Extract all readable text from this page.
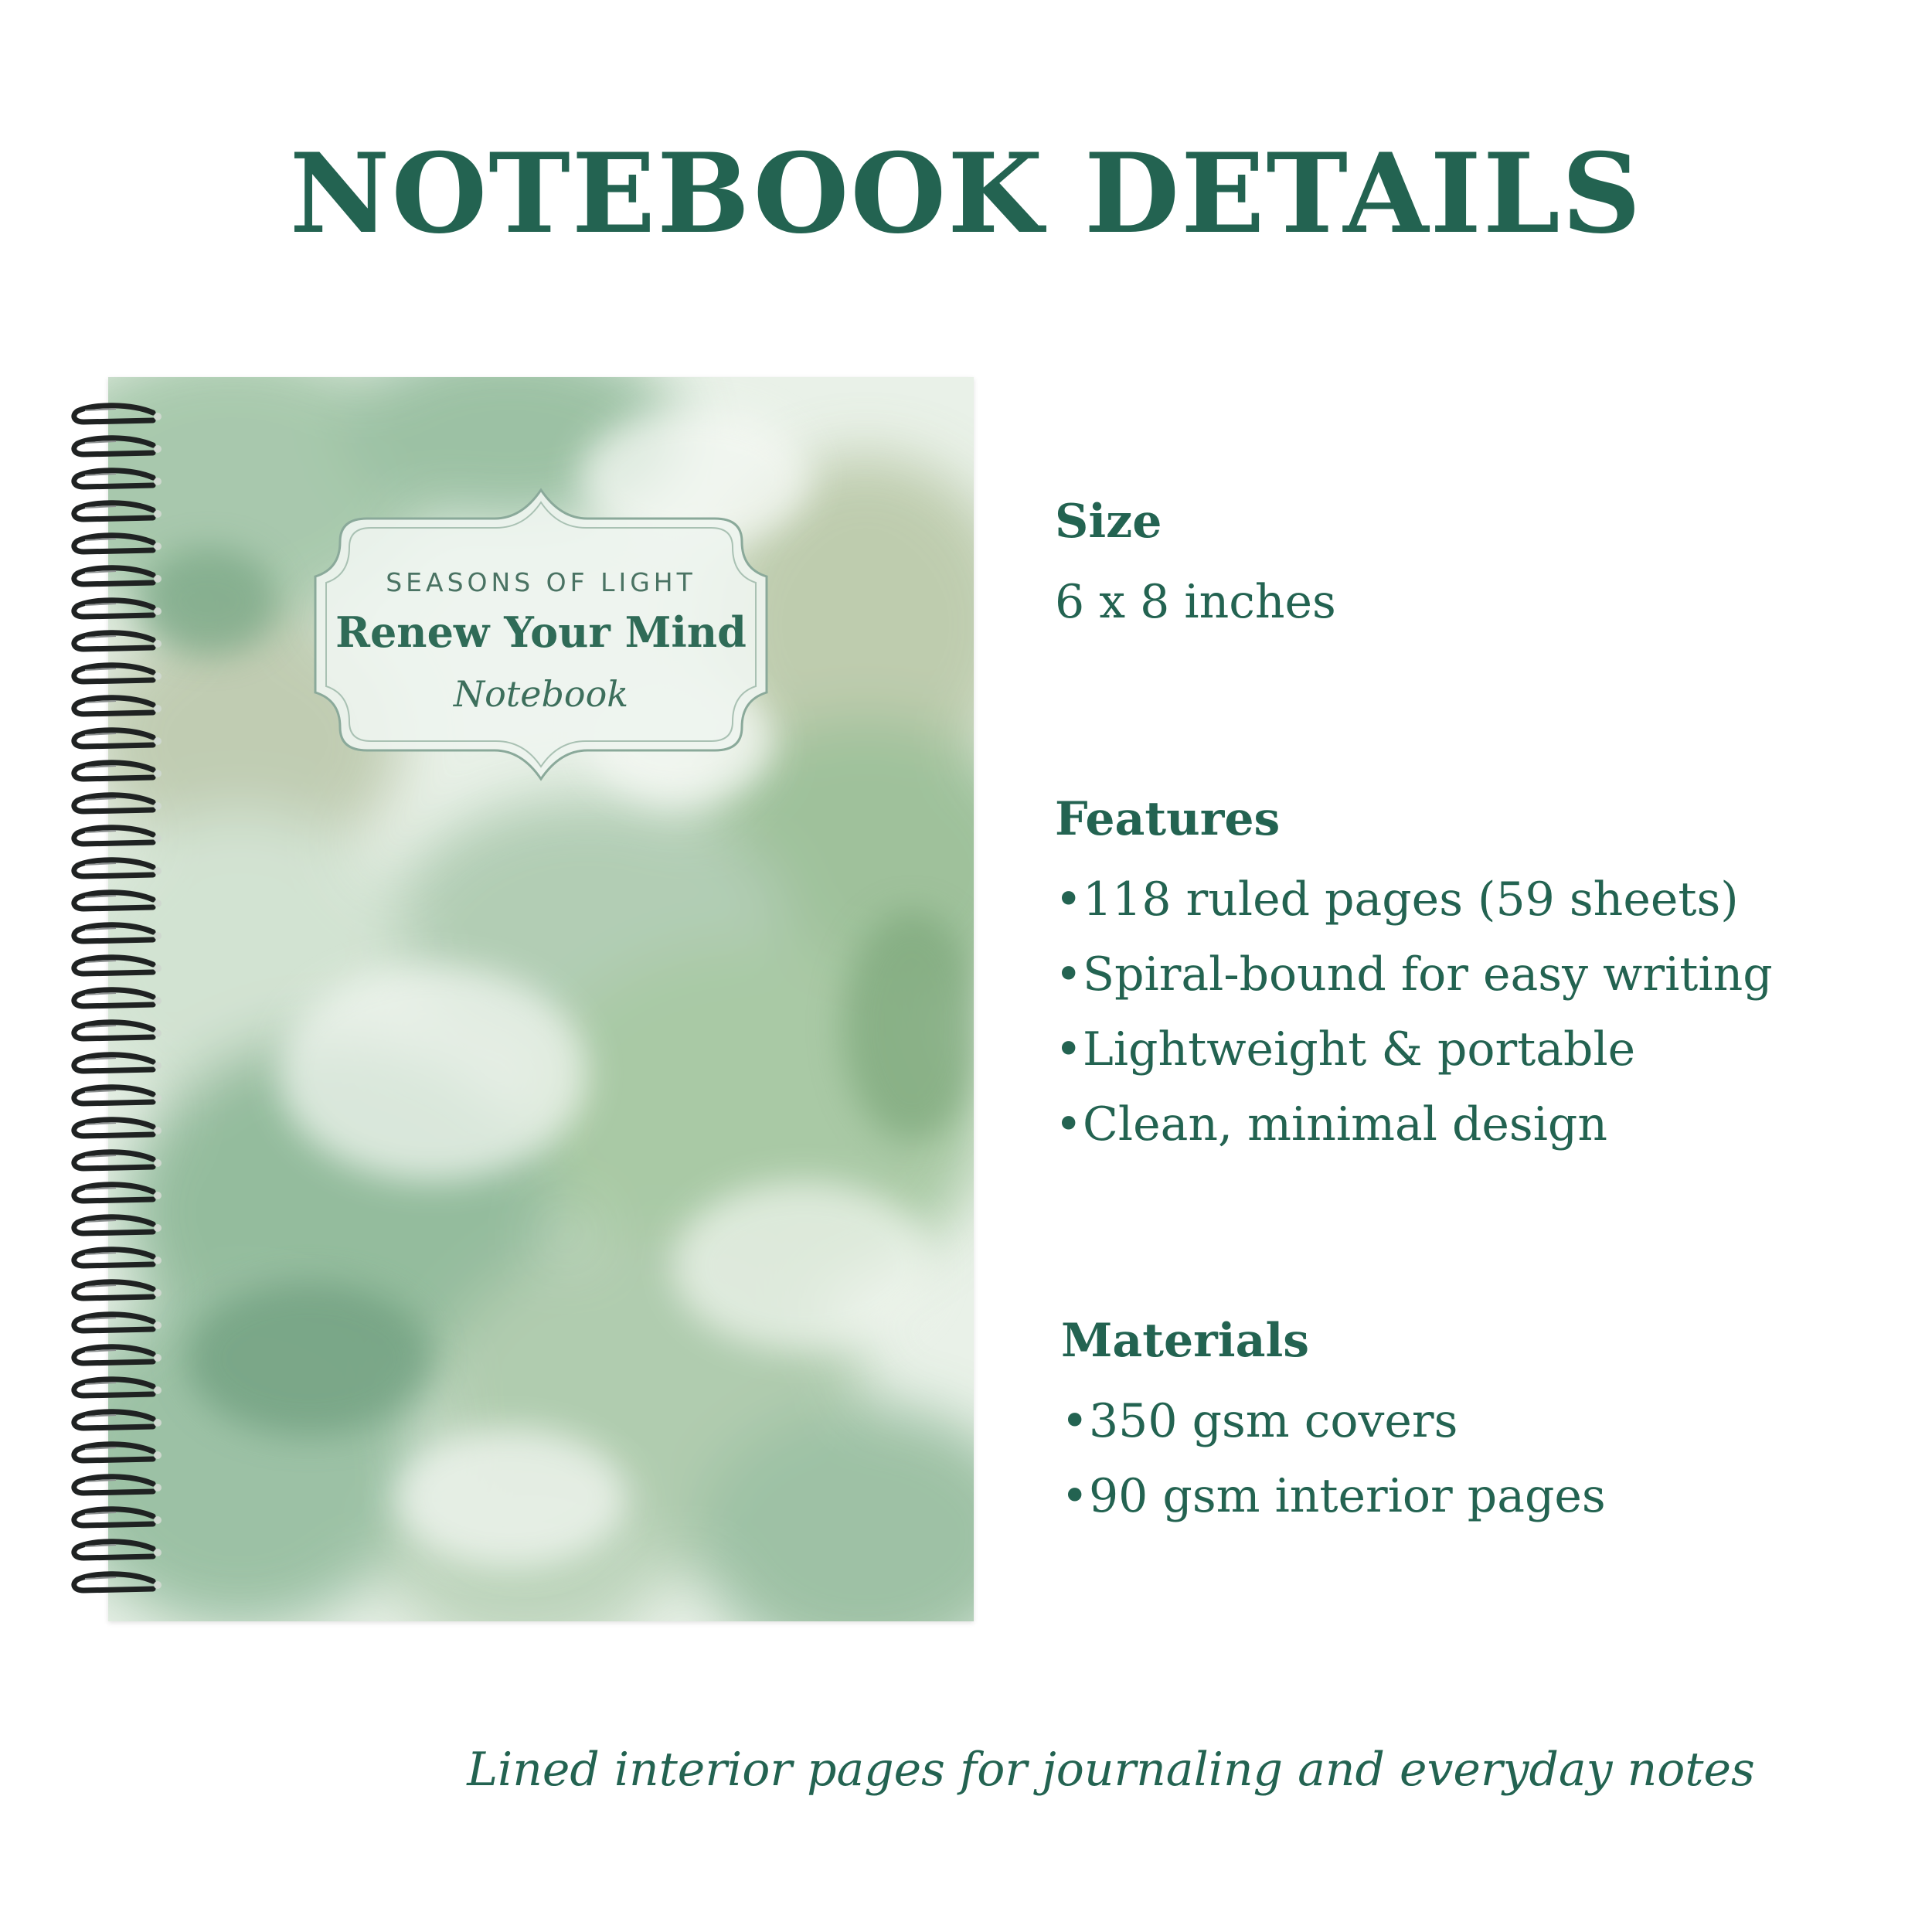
NOTEBOOK DETAILS

SEASONS OF LIGHT

Renew Your Mind

Notebook

Size

6 x 8 inches

Features

•118 ruled pages (59 sheets)

•Spiral-bound for easy writing

•Lightweight & portable

•Clean, minimal design

Materials

•350 gsm covers

•90 gsm interior pages

Lined interior pages for journaling and everyday notes
